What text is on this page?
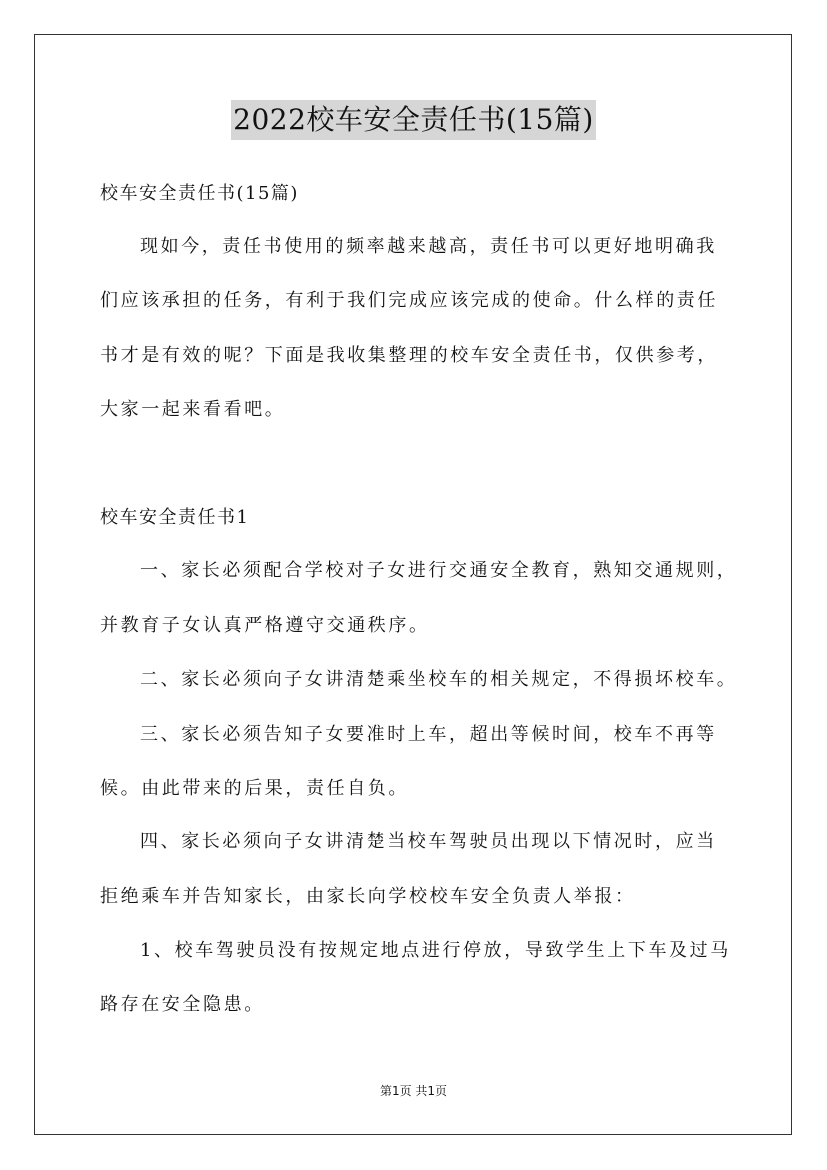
2022校车安全责任书(15篇)
校车安全责任书(15篇)
现如今，责任书使用的频率越来越高，责任书可以更好地明确我
们应该承担的任务，有利于我们完成应该完成的使命。什么样的责任
书才是有效的呢？下面是我收集整理的校车安全责任书，仅供参考，
大家一起来看看吧。
校车安全责任书1
一、家长必须配合学校对子女进行交通安全教育，熟知交通规则，
并教育子女认真严格遵守交通秩序。
二、家长必须向子女讲清楚乘坐校车的相关规定，不得损坏校车。
三、家长必须告知子女要准时上车，超出等候时间，校车不再等
候。由此带来的后果，责任自负。
四、家长必须向子女讲清楚当校车驾驶员出现以下情况时，应当
拒绝乘车并告知家长，由家长向学校校车安全负责人举报：
1、校车驾驶员没有按规定地点进行停放，导致学生上下车及过马
路存在安全隐患。
第1页 共1页
